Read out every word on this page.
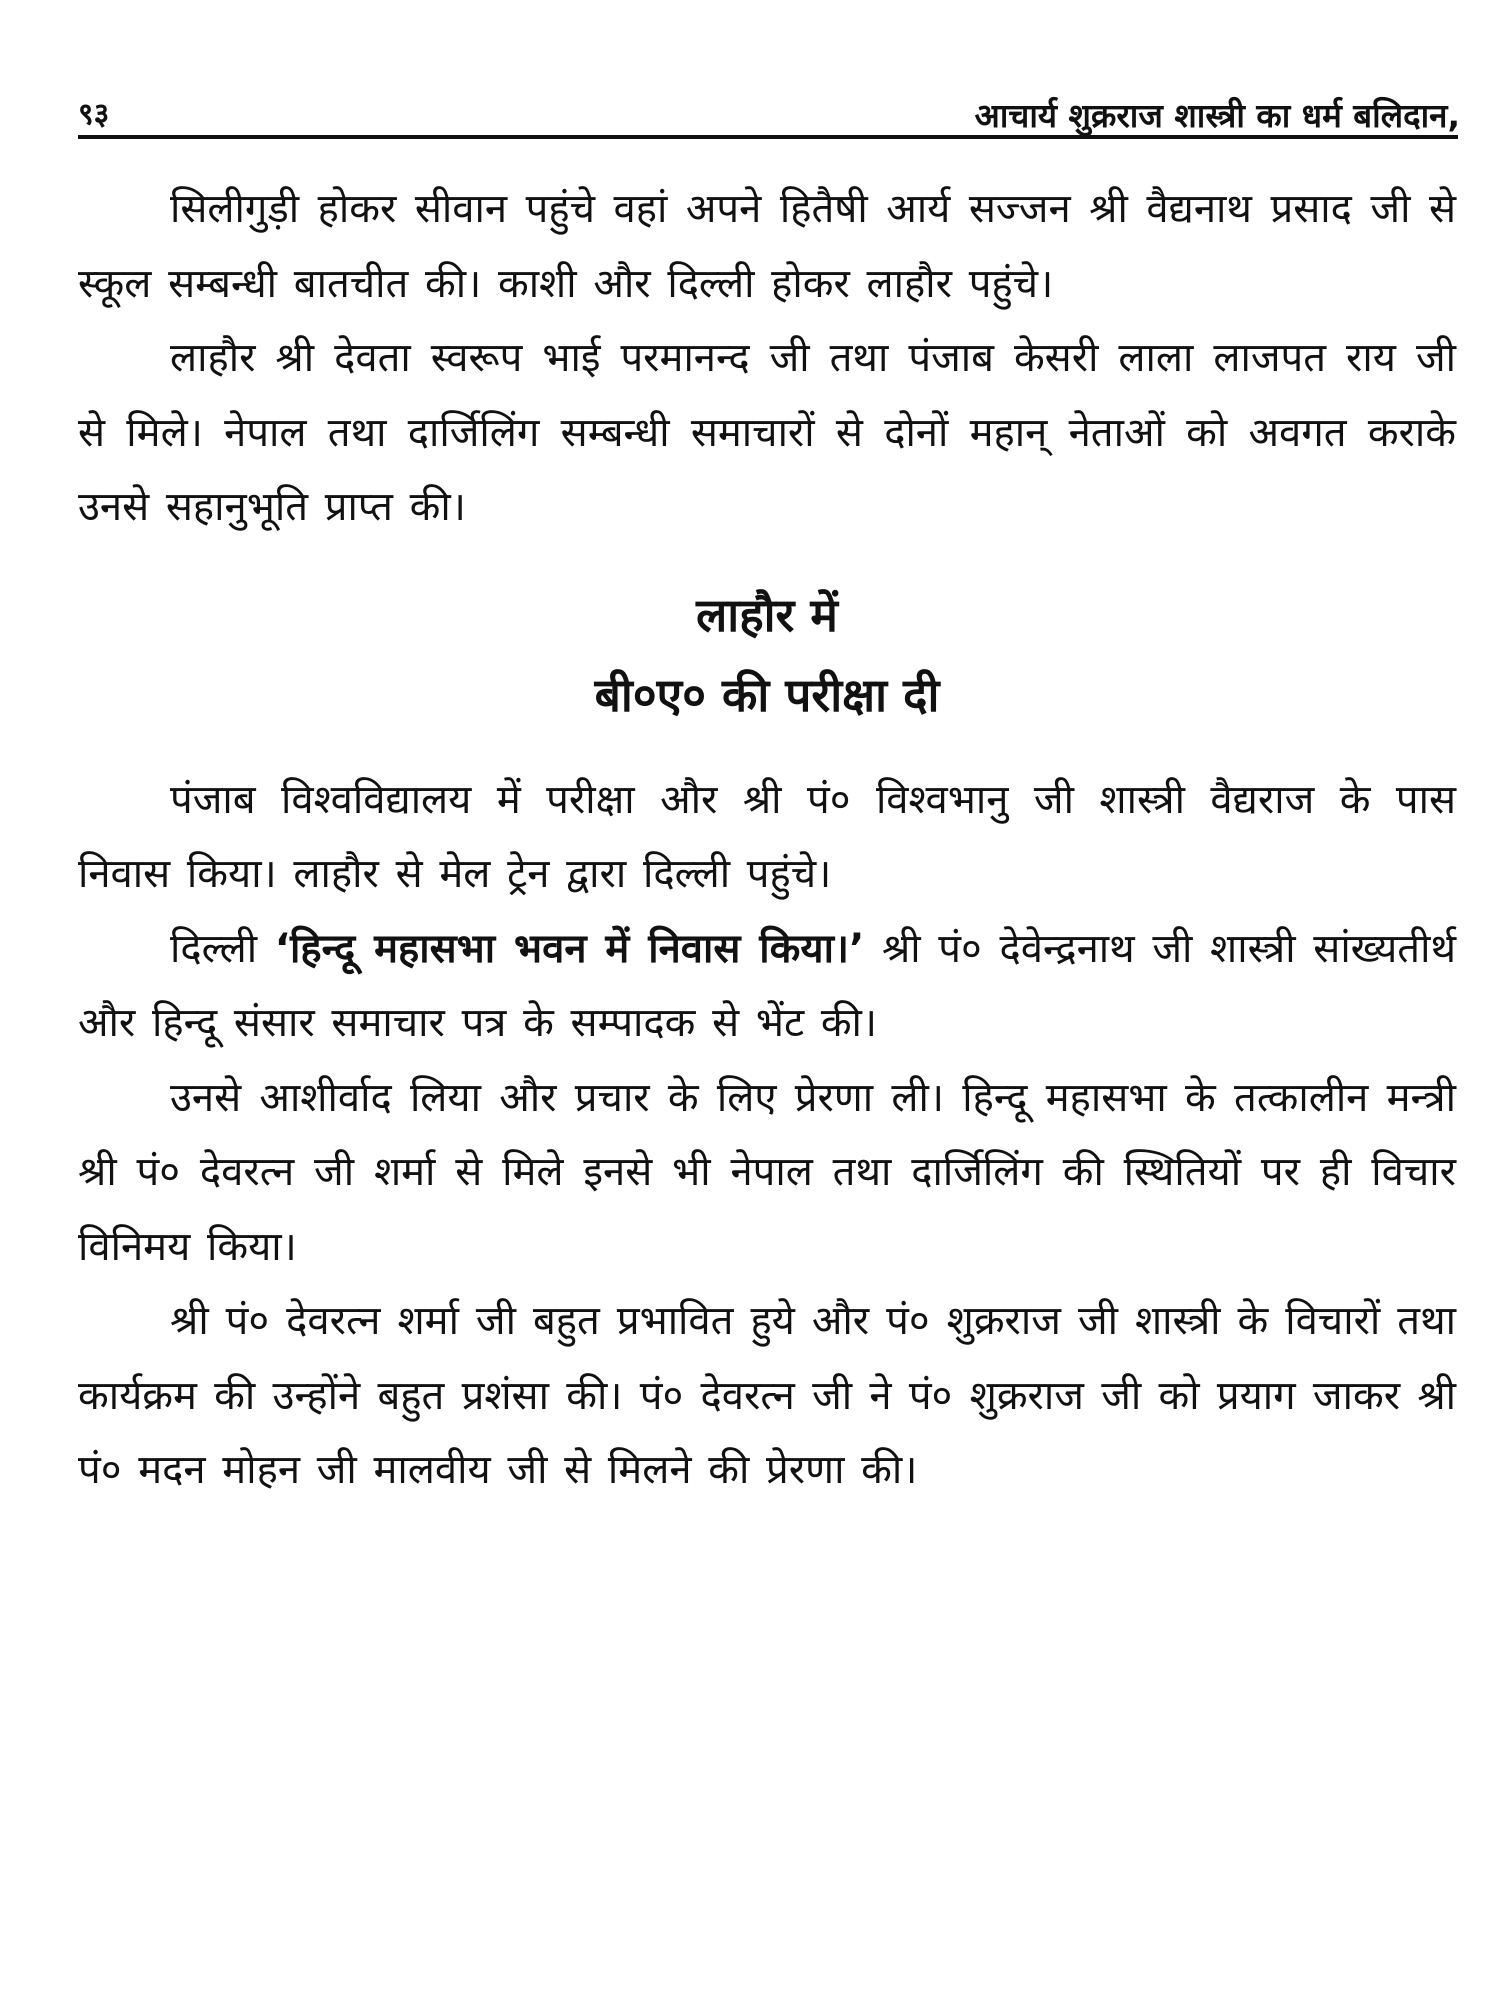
९३	आचार्य शुक्रराज शास्त्री का धर्म बलिदान,

सिलीगुड़ी होकर सीवान पहुंचे वहां अपने हितैषी आर्य सज्जन श्री वैद्यनाथ प्रसाद जी से स्कूल सम्बन्धी बातचीत की। काशी और दिल्ली होकर लाहौर पहुंचे।

लाहौर श्री देवता स्वरूप भाई परमानन्द जी तथा पंजाब केसरी लाला लाजपत राय जी से मिले। नेपाल तथा दार्जिलिंग सम्बन्धी समाचारों से दोनों महान् नेताओं को अवगत कराके उनसे सहानुभूति प्राप्त की।

लाहौर में

बी०ए० की परीक्षा दी

पंजाब विश्वविद्यालय में परीक्षा और श्री पं० विश्वभानु जी शास्त्री वैद्यराज के पास निवास किया। लाहौर से मेल ट्रेन द्वारा दिल्ली पहुंचे।

दिल्ली ‘हिन्दू महासभा भवन में निवास किया।’ श्री पं० देवेन्द्रनाथ जी शास्त्री सांख्यतीर्थ और हिन्दू संसार समाचार पत्र के सम्पादक से भेंट की।

उनसे आशीर्वाद लिया और प्रचार के लिए प्रेरणा ली। हिन्दू महासभा के तत्कालीन मन्त्री श्री पं० देवरत्न जी शर्मा से मिले इनसे भी नेपाल तथा दार्जिलिंग की स्थितियों पर ही विचार विनिमय किया।

श्री पं० देवरत्न शर्मा जी बहुत प्रभावित हुये और पं० शुक्रराज जी शास्त्री के विचारों तथा कार्यक्रम की उन्होंने बहुत प्रशंसा की। पं० देवरत्न जी ने पं० शुक्रराज जी को प्रयाग जाकर श्री पं० मदन मोहन जी मालवीय जी से मिलने की प्रेरणा की।
